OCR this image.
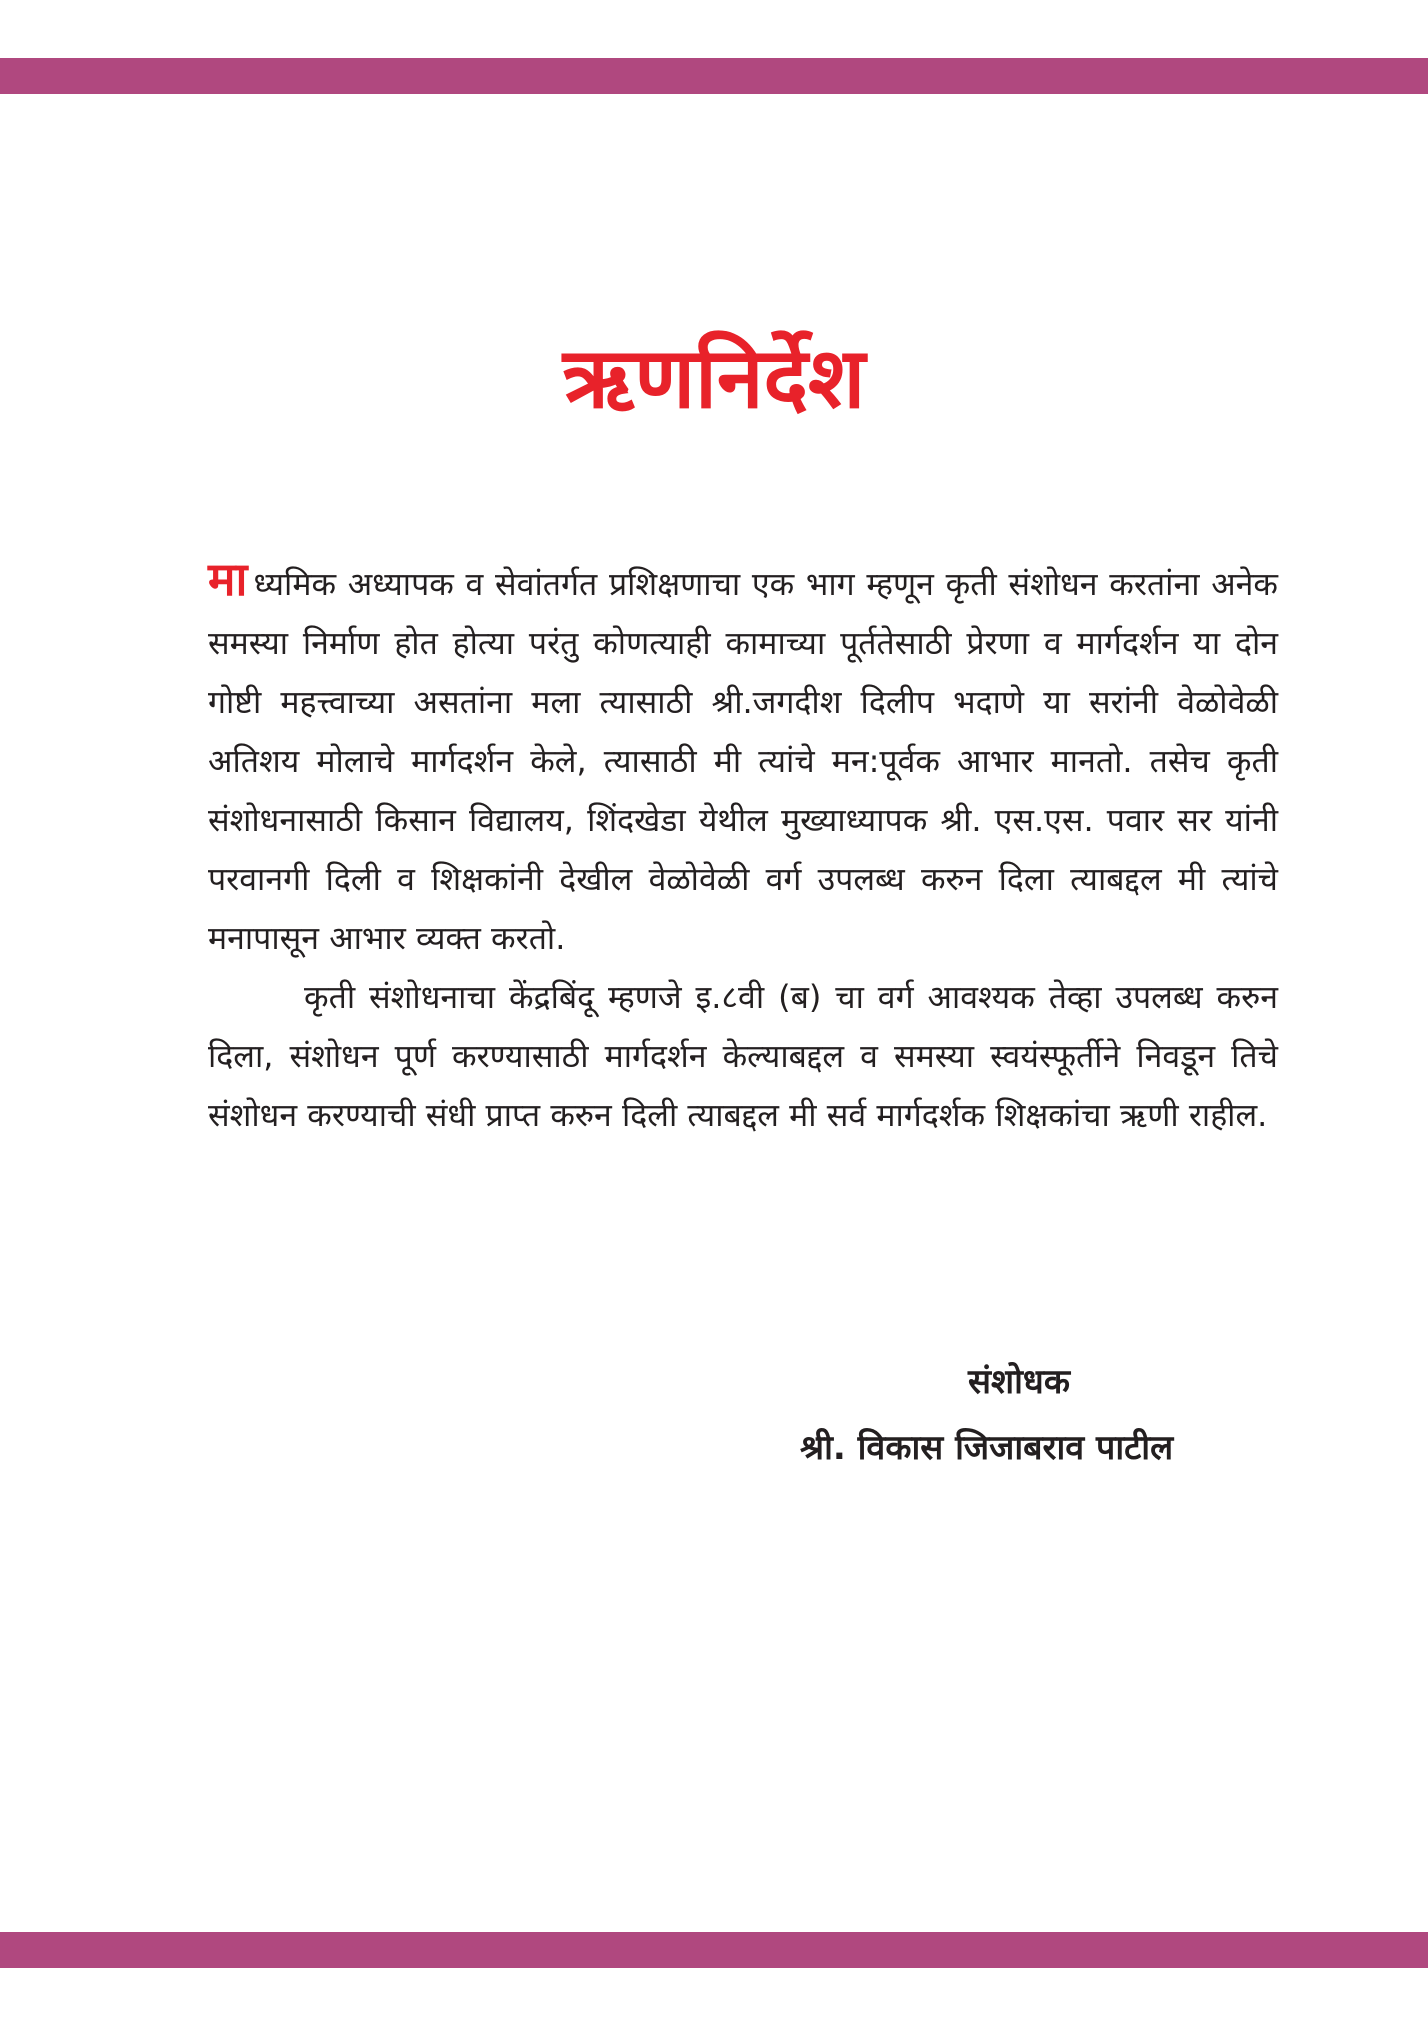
ऋणनिर्देश

मा ध्यमिक अध्यापक व सेवांतर्गत प्रशिक्षणाचा एक भाग म्हणून कृती संशोधन करतांना अनेक समस्या निर्माण होत होत्या परंतु कोणत्याही कामाच्या पूर्ततेसाठी प्रेरणा व मार्गदर्शन या दोन गोष्टी महत्त्वाच्या असतांना मला त्यासाठी श्री.जगदीश दिलीप भदाणे या सरांनी वेळोवेळी अतिशय मोलाचे मार्गदर्शन केले, त्यासाठी मी त्यांचे मन:पूर्वक आभार मानतो. तसेच कृती संशोधनासाठी किसान विद्यालय, शिंदखेडा येथील मुख्याध्यापक श्री. एस.एस. पवार सर यांनी परवानगी दिली व शिक्षकांनी देखील वेळोवेळी वर्ग उपलब्ध करुन दिला त्याबद्दल मी त्यांचे मनापासून आभार व्यक्त करतो.

कृती संशोधनाचा केंद्रबिंदू म्हणजे इ.८वी (ब) चा वर्ग आवश्यक तेव्हा उपलब्ध करुन दिला, संशोधन पूर्ण करण्यासाठी मार्गदर्शन केल्याबद्दल व समस्या स्वयंस्फूर्तीने निवडून तिचे संशोधन करण्याची संधी प्राप्त करुन दिली त्याबद्दल मी सर्व मार्गदर्शक शिक्षकांचा ऋणी राहील.

संशोधक
श्री. विकास जिजाबराव पाटील
